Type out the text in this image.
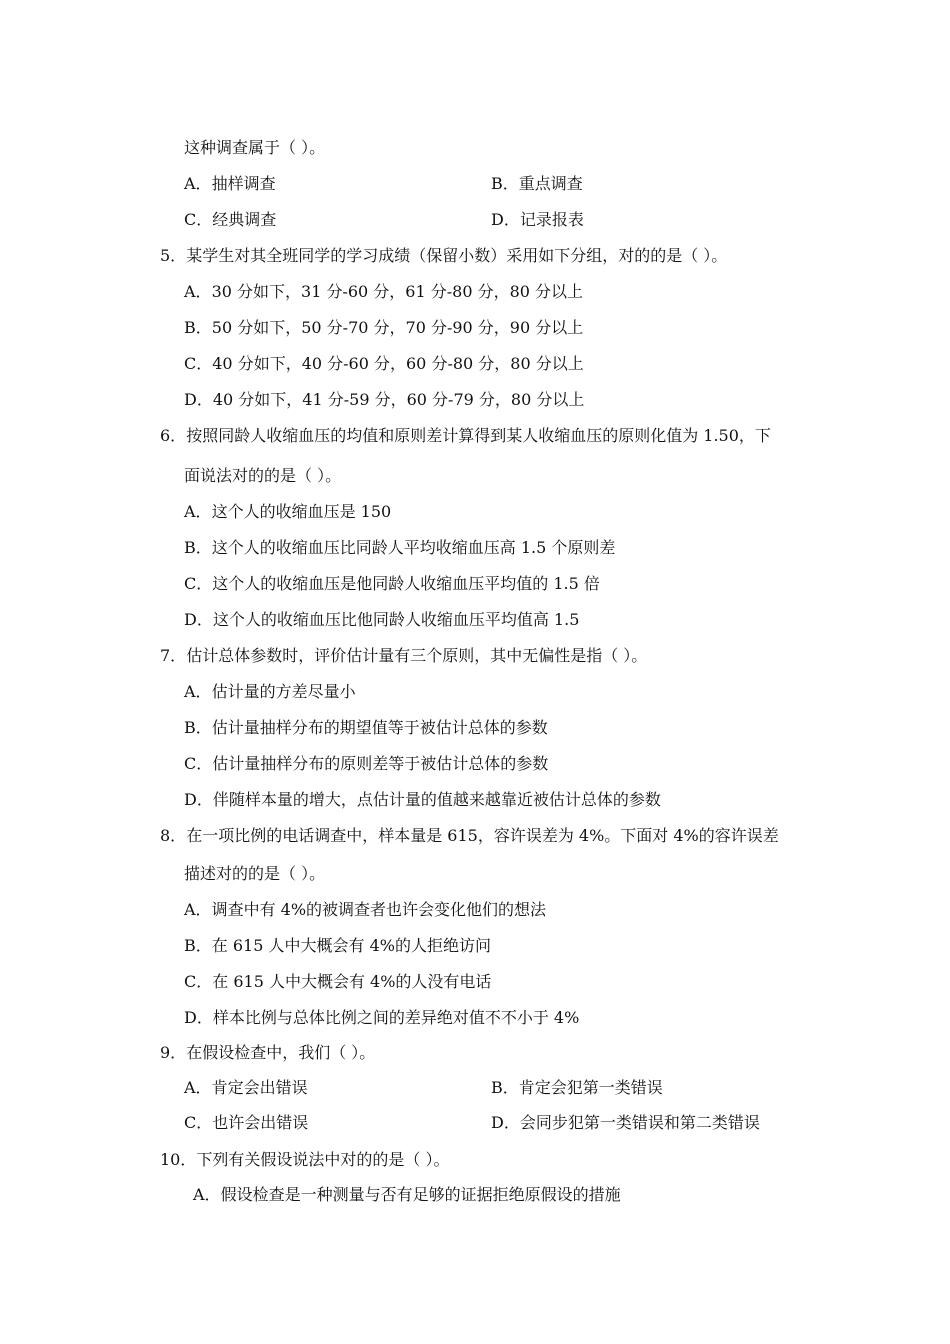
这种调查属于（ ）。
A．抽样调查	B．重点调查
C．经典调查	D．记录报表
5．某学生对其全班同学的学习成绩（保留小数）采用如下分组，对的的是（ ）。
A．30 分如下，31 分-60 分，61 分-80 分，80 分以上
B．50 分如下，50 分-70 分，70 分-90 分，90 分以上
C．40 分如下，40 分-60 分，60 分-80 分，80 分以上
D．40 分如下，41 分-59 分，60 分-79 分，80 分以上
6．按照同龄人收缩血压的均值和原则差计算得到某人收缩血压的原则化值为 1.50，下
面说法对的的是（ ）。
A．这个人的收缩血压是 150
B．这个人的收缩血压比同龄人平均收缩血压高 1.5 个原则差
C．这个人的收缩血压是他同龄人收缩血压平均值的 1.5 倍
D．这个人的收缩血压比他同龄人收缩血压平均值高 1.5
7．估计总体参数时，评价估计量有三个原则，其中无偏性是指（ ）。
A．估计量的方差尽量小
B．估计量抽样分布的期望值等于被估计总体的参数
C．估计量抽样分布的原则差等于被估计总体的参数
D．伴随样本量的增大，点估计量的值越来越靠近被估计总体的参数
8．在一项比例的电话调查中，样本量是 615，容许误差为 4%。下面对 4%的容许误差
描述对的的是（ ）。
A．调查中有 4%的被调查者也许会变化他们的想法
B．在 615 人中大概会有 4%的人拒绝访问
C．在 615 人中大概会有 4%的人没有电话
D．样本比例与总体比例之间的差异绝对值不不小于 4%
9．在假设检查中，我们（ ）。
A．肯定会出错误	B．肯定会犯第一类错误
C．也许会出错误	D．会同步犯第一类错误和第二类错误
10．下列有关假设说法中对的的是（ ）。
A．假设检查是一种测量与否有足够的证据拒绝原假设的措施
